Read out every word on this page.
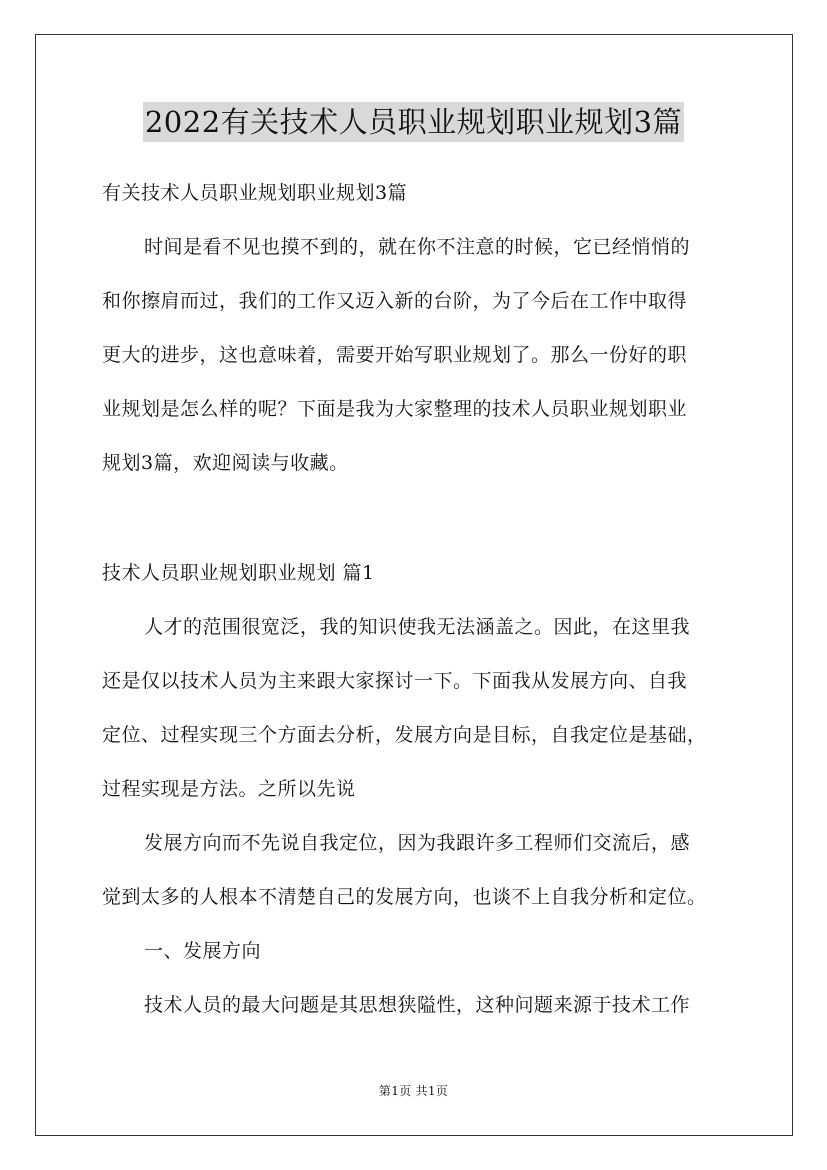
2022有关技术人员职业规划职业规划3篇
有关技术人员职业规划职业规划3篇
时间是看不见也摸不到的，就在你不注意的时候，它已经悄悄的
和你擦肩而过，我们的工作又迈入新的台阶，为了今后在工作中取得
更大的进步，这也意味着，需要开始写职业规划了。那么一份好的职
业规划是怎么样的呢？下面是我为大家整理的技术人员职业规划职业
规划3篇，欢迎阅读与收藏。
技术人员职业规划职业规划 篇1
人才的范围很宽泛，我的知识使我无法涵盖之。因此，在这里我
还是仅以技术人员为主来跟大家探讨一下。下面我从发展方向、自我
定位、过程实现三个方面去分析，发展方向是目标，自我定位是基础，
过程实现是方法。之所以先说
发展方向而不先说自我定位，因为我跟许多工程师们交流后，感
觉到太多的人根本不清楚自己的发展方向，也谈不上自我分析和定位。
一、发展方向
技术人员的最大问题是其思想狭隘性，这种问题来源于技术工作
第1页 共1页
